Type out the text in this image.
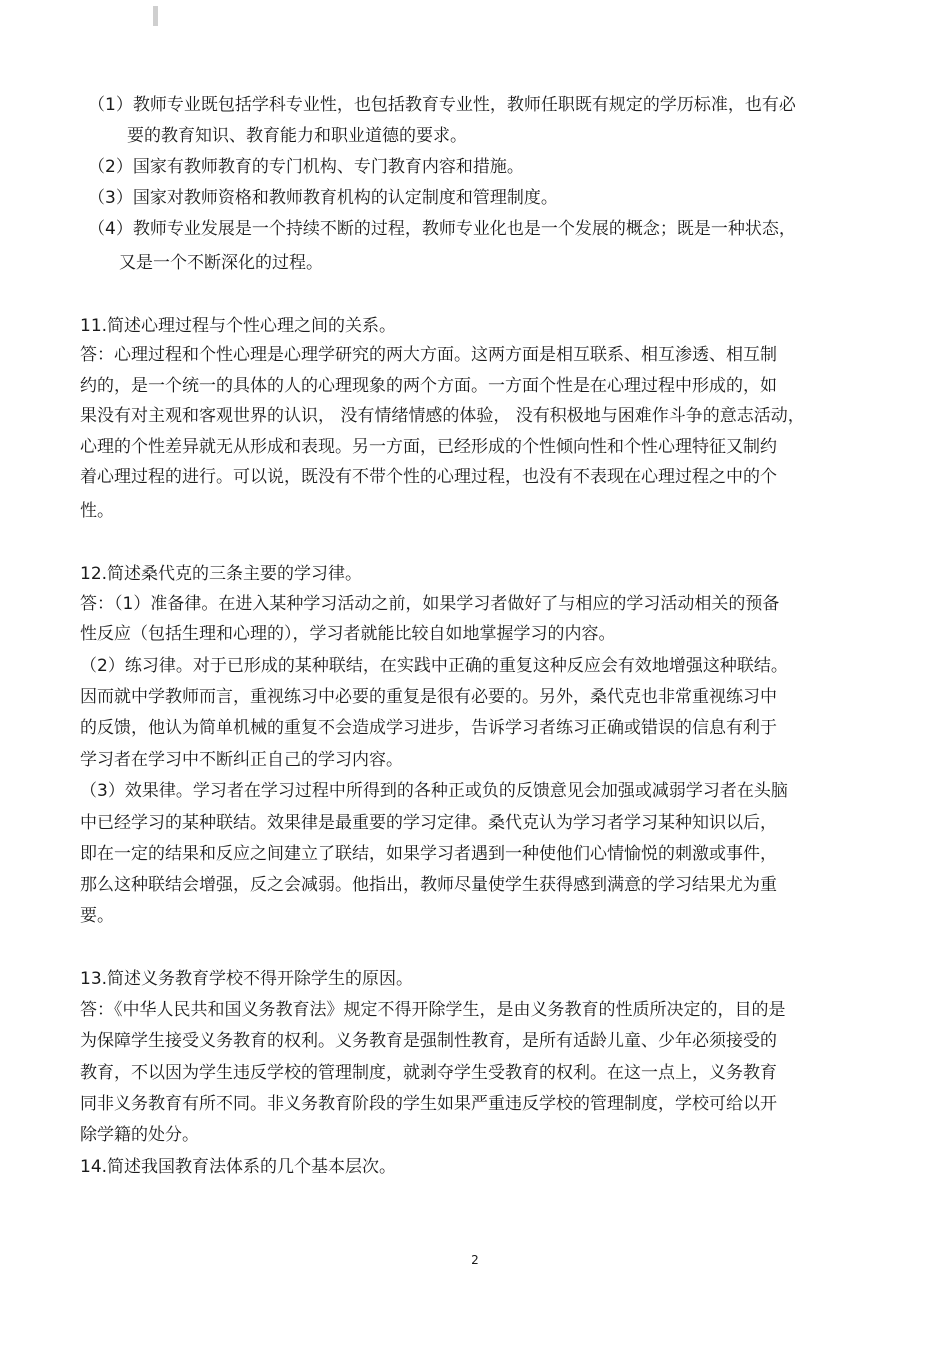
（1）教师专业既包括学科专业性，也包括教育专业性，教师任职既有规定的学历标准，也有必
要的教育知识、教育能力和职业道德的要求。
（2）国家有教师教育的专门机构、专门教育内容和措施。
（3）国家对教师资格和教师教育机构的认定制度和管理制度。
（4）教师专业发展是一个持续不断的过程，教师专业化也是一个发展的概念；既是一种状态，
又是一个不断深化的过程。
11.简述心理过程与个性心理之间的关系。
答：心理过程和个性心理是心理学研究的两大方面。这两方面是相互联系、相互渗透、相互制
约的，是一个统一的具体的人的心理现象的两个方面。一方面个性是在心理过程中形成的，如
果没有对主观和客观世界的认识， 没有情绪情感的体验， 没有积极地与困难作斗争的意志活动，
心理的个性差异就无从形成和表现。另一方面，已经形成的个性倾向性和个性心理特征又制约
着心理过程的进行。可以说，既没有不带个性的心理过程，也没有不表现在心理过程之中的个
性。
12.简述桑代克的三条主要的学习律。
答：（1）准备律。在进入某种学习活动之前，如果学习者做好了与相应的学习活动相关的预备
性反应（包括生理和心理的），学习者就能比较自如地掌握学习的内容。
（2）练习律。对于已形成的某种联结，在实践中正确的重复这种反应会有效地增强这种联结。
因而就中学教师而言，重视练习中必要的重复是很有必要的。另外，桑代克也非常重视练习中
的反馈，他认为简单机械的重复不会造成学习进步，告诉学习者练习正确或错误的信息有利于
学习者在学习中不断纠正自己的学习内容。
（3）效果律。学习者在学习过程中所得到的各种正或负的反馈意见会加强或减弱学习者在头脑
中已经学习的某种联结。效果律是最重要的学习定律。桑代克认为学习者学习某种知识以后，
即在一定的结果和反应之间建立了联结，如果学习者遇到一种使他们心情愉悦的刺激或事件，
那么这种联结会增强，反之会减弱。他指出，教师尽量使学生获得感到满意的学习结果尤为重
要。
13.简述义务教育学校不得开除学生的原因。
答：《中华人民共和国义务教育法》规定不得开除学生，是由义务教育的性质所决定的，目的是
为保障学生接受义务教育的权利。义务教育是强制性教育，是所有适龄儿童、少年必须接受的
教育，不以因为学生违反学校的管理制度，就剥夺学生受教育的权利。在这一点上，义务教育
同非义务教育有所不同。非义务教育阶段的学生如果严重违反学校的管理制度，学校可给以开
除学籍的处分。
14.简述我国教育法体系的几个基本层次。
2
